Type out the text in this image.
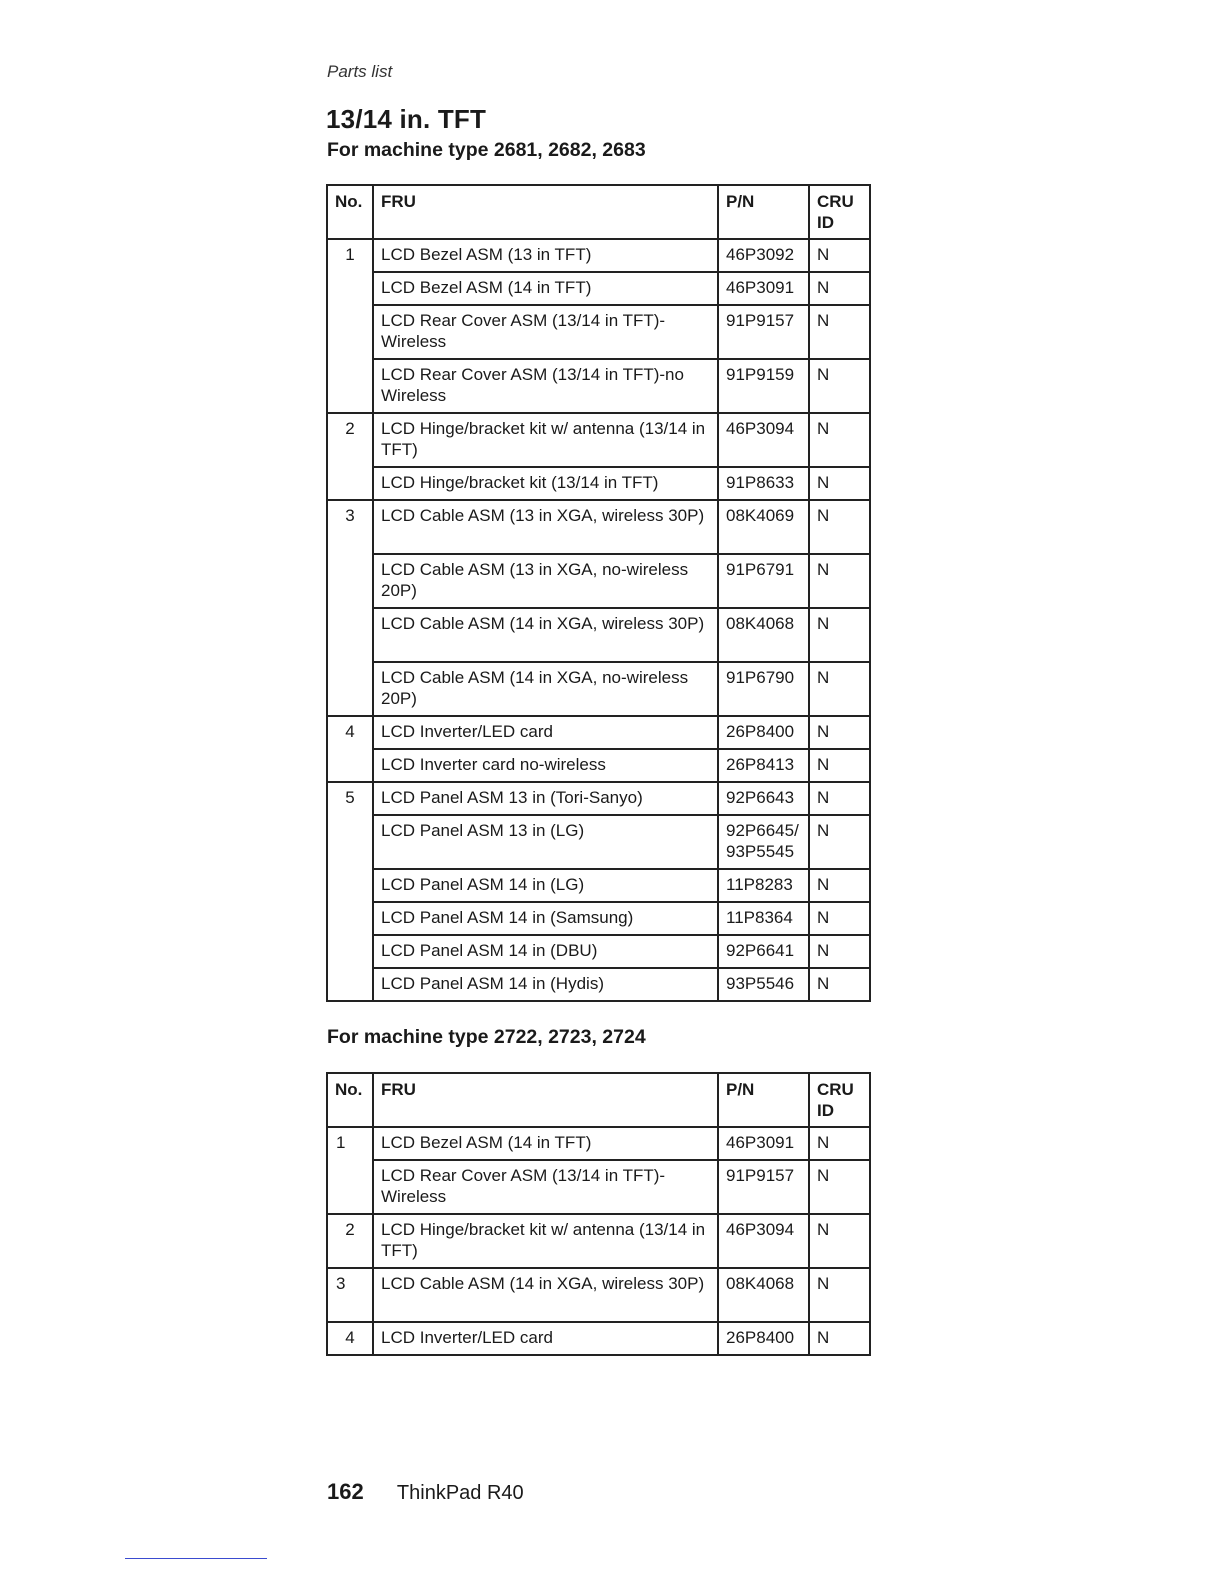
Parts list
13/14 in. TFT
For machine type 2681, 2682, 2683
No.	FRU	P/N	CRU ID
1	LCD Bezel ASM (13 in TFT)	46P3092	N
	LCD Bezel ASM (14 in TFT)	46P3091	N
	LCD Rear Cover ASM (13/14 in TFT)-Wireless	91P9157	N
	LCD Rear Cover ASM (13/14 in TFT)-no Wireless	91P9159	N
2	LCD Hinge/bracket kit w/ antenna (13/14 in TFT)	46P3094	N
	LCD Hinge/bracket kit (13/14 in TFT)	91P8633	N
3	LCD Cable ASM (13 in XGA, wireless 30P)	08K4069	N
	LCD Cable ASM (13 in XGA, no-wireless 20P)	91P6791	N
	LCD Cable ASM (14 in XGA, wireless 30P)	08K4068	N
	LCD Cable ASM (14 in XGA, no-wireless 20P)	91P6790	N
4	LCD Inverter/LED card	26P8400	N
	LCD Inverter card no-wireless	26P8413	N
5	LCD Panel ASM 13 in (Tori-Sanyo)	92P6643	N
	LCD Panel ASM 13 in (LG)	92P6645/ 93P5545	N
	LCD Panel ASM 14 in (LG)	11P8283	N
	LCD Panel ASM 14 in (Samsung)	11P8364	N
	LCD Panel ASM 14 in (DBU)	92P6641	N
	LCD Panel ASM 14 in (Hydis)	93P5546	N
For machine type 2722, 2723, 2724
No.	FRU	P/N	CRU ID
1	LCD Bezel ASM (14 in TFT)	46P3091	N
	LCD Rear Cover ASM (13/14 in TFT)-Wireless	91P9157	N
2	LCD Hinge/bracket kit w/ antenna (13/14 in TFT)	46P3094	N
3	LCD Cable ASM (14 in XGA, wireless 30P)	08K4068	N
4	LCD Inverter/LED card	26P8400	N
162 ThinkPad R40
